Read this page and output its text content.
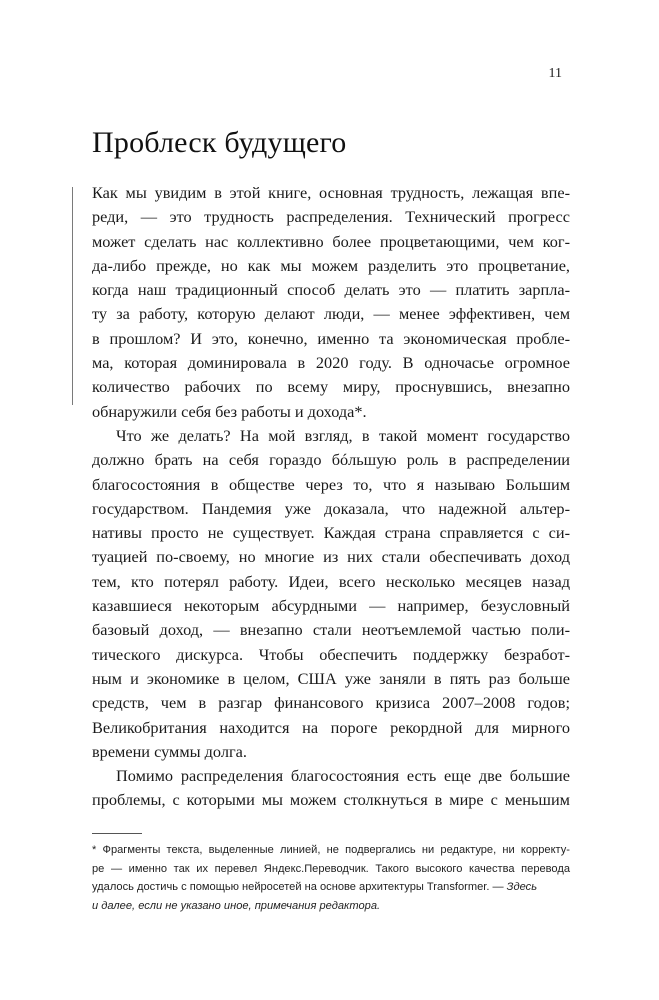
11
Проблеск будущего
Как мы увидим в этой книге, основная трудность, лежащая впе-
реди, — это трудность распределения. Технический прогресс
может сделать нас коллективно более процветающими, чем ког-
да-либо прежде, но как мы можем разделить это процветание,
когда наш традиционный способ делать это — платить зарпла-
ту за работу, которую делают люди, — менее эффективен, чем
в прошлом? И это, конечно, именно та экономическая пробле-
ма, которая доминировала в 2020 году. В одночасье огромное
количество рабочих по всему миру, проснувшись, внезапно
обнаружили себя без работы и дохода*.
Что же делать? На мой взгляд, в такой момент государство
должно брать на себя гораздо бóльшую роль в распределении
благосостояния в обществе через то, что я называю Большим
государством. Пандемия уже доказала, что надежной альтер-
нативы просто не существует. Каждая страна справляется с си-
туацией по-своему, но многие из них стали обеспечивать доход
тем, кто потерял работу. Идеи, всего несколько месяцев назад
казавшиеся некоторым абсурдными — например, безусловный
базовый доход, — внезапно стали неотъемлемой частью поли-
тического дискурса. Чтобы обеспечить поддержку безработ-
ным и экономике в целом, США уже заняли в пять раз больше
средств, чем в разгар финансового кризиса 2007–2008 годов;
Великобритания находится на пороге рекордной для мирного
времени суммы долга.
Помимо распределения благосостояния есть еще две большие
проблемы, с которыми мы можем столкнуться в мире с меньшим
* Фрагменты текста, выделенные линией, не подвергались ни редактуре, ни корректу-
ре — именно так их перевел Яндекс.Переводчик. Такого высокого качества перевода
удалось достичь с помощью нейросетей на основе архитектуры Transformer. — Здесь
и далее, если не указано иное, примечания редактора.
